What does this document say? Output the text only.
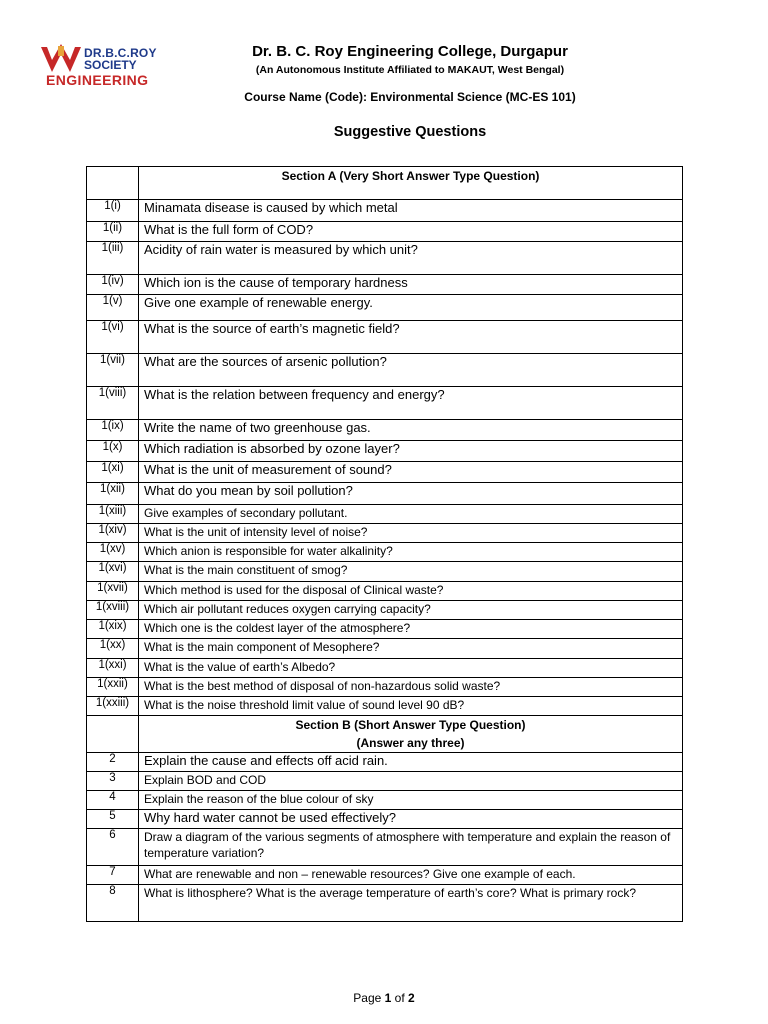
DR.B.C.ROY
SOCIETY
ENGINEERING
Dr. B. C. Roy Engineering College, Durgapur
(An Autonomous Institute Affiliated to MAKAUT, West Bengal)
Course Name (Code): Environmental Science (MC-ES 101)
Suggestive Questions

	Section A (Very Short Answer Type Question)

1(i)	Minamata disease is caused by which metal
1(ii)	What is the full form of COD?
1(iii)	Acidity of rain water is measured by which unit?
1(iv)	Which ion is the cause of temporary hardness
1(v)	Give one example of renewable energy.
1(vi)	What is the source of earth’s magnetic field?
1(vii)	What are the sources of arsenic pollution?
1(viii)	What is the relation between frequency and energy?
1(ix)	Write the name of two greenhouse gas.
1(x)	Which radiation is absorbed by ozone layer?
1(xi)	What is the unit of measurement of sound?
1(xii)	What do you mean by soil pollution?
1(xiii)	Give examples of secondary pollutant.
1(xiv)	What is the unit of intensity level of noise?
1(xv)	Which anion is responsible for water alkalinity?
1(xvi)	What is the main constituent of smog?
1(xvii)	Which method is used for the disposal of Clinical waste?
1(xviii)	Which air pollutant reduces oxygen carrying capacity?
1(xix)	Which one is the coldest layer of the atmosphere?
1(xx)	What is the main component of Mesophere?
1(xxi)	What is the value of earth’s Albedo?
1(xxii)	What is the best method of disposal of non-hazardous solid waste?
1(xxiii)	What is the noise threshold limit value of sound level 90 dB?

	Section B (Short Answer Type Question)
(Answer any three)

2	Explain the cause and effects off acid rain.
3	Explain BOD and COD
4	Explain the reason of the blue colour of sky
5	Why hard water cannot be used effectively?
6	Draw a diagram of the various segments of atmosphere with temperature and explain the reason of temperature variation?
7	What are renewable and non – renewable resources? Give one example of each.
8	What is lithosphere? What is the average temperature of earth’s core? What is primary rock?
Page 1 of 2
